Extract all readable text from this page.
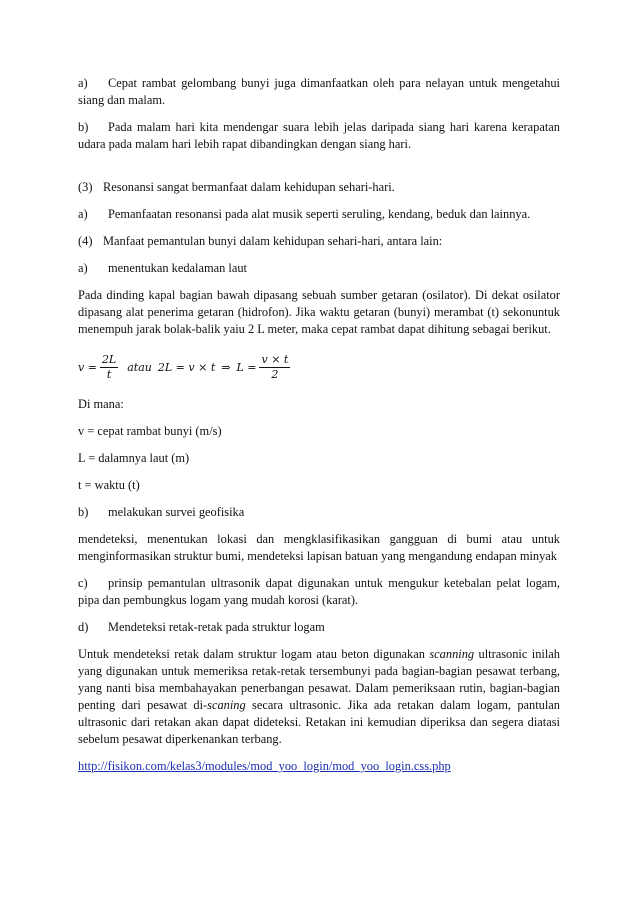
a) Cepat rambat gelombang bunyi juga dimanfaatkan oleh para nelayan untuk mengetahui siang dan malam.

b) Pada malam hari kita mendengar suara lebih jelas daripada siang hari karena kerapatan udara pada malam hari lebih rapat dibandingkan dengan siang hari.

(3) Resonansi sangat bermanfaat dalam kehidupan sehari-hari.

a)	Pemanfaatan resonansi pada alat musik seperti seruling, kendang, beduk dan lainnya.

(4) Manfaat pemantulan bunyi dalam kehidupan sehari-hari, antara lain:

a)	menentukan kedalaman laut

Pada dinding kapal bagian bawah dipasang sebuah sumber getaran (osilator). Di dekat osilator dipasang alat penerima getaran (hidrofon). Jika waktu getaran (bunyi) merambat (t) sekonuntuk menempuh jarak bolak-balik yaiu 2 L meter, maka cepat rambat dapat dihitung sebagai berikut.

$v = \frac{2L}{t}$ atau 2L = v × t ⇒ $L = \frac{v \times t}{2}$

Di mana:

v = cepat rambat bunyi (m/s)

L = dalamnya laut (m)

t = waktu (t)

b)	melakukan survei geofisika

mendeteksi, menentukan lokasi dan mengklasifikasikan gangguan di bumi atau untuk menginformasikan struktur bumi, mendeteksi lapisan batuan yang mengandung endapan minyak

c) prinsip pemantulan ultrasonik dapat digunakan untuk mengukur ketebalan pelat logam, pipa dan pembungkus logam yang mudah korosi (karat).

d)	Mendeteksi retak-retak pada struktur logam

Untuk mendeteksi retak dalam struktur logam atau beton digunakan scanning ultrasonic inilah yang digunakan untuk memeriksa retak-retak tersembunyi pada bagian-bagian pesawat terbang, yang nanti bisa membahayakan penerbangan pesawat. Dalam pemeriksaan rutin, bagian-bagian penting dari pesawat di-scaning secara ultrasonic. Jika ada retakan dalam logam, pantulan ultrasonic dari retakan akan dapat dideteksi. Retakan ini kemudian diperiksa dan segera diatasi sebelum pesawat diperkenankan terbang.

http://fisikon.com/kelas3/modules/mod_yoo_login/mod_yoo_login.css.php
